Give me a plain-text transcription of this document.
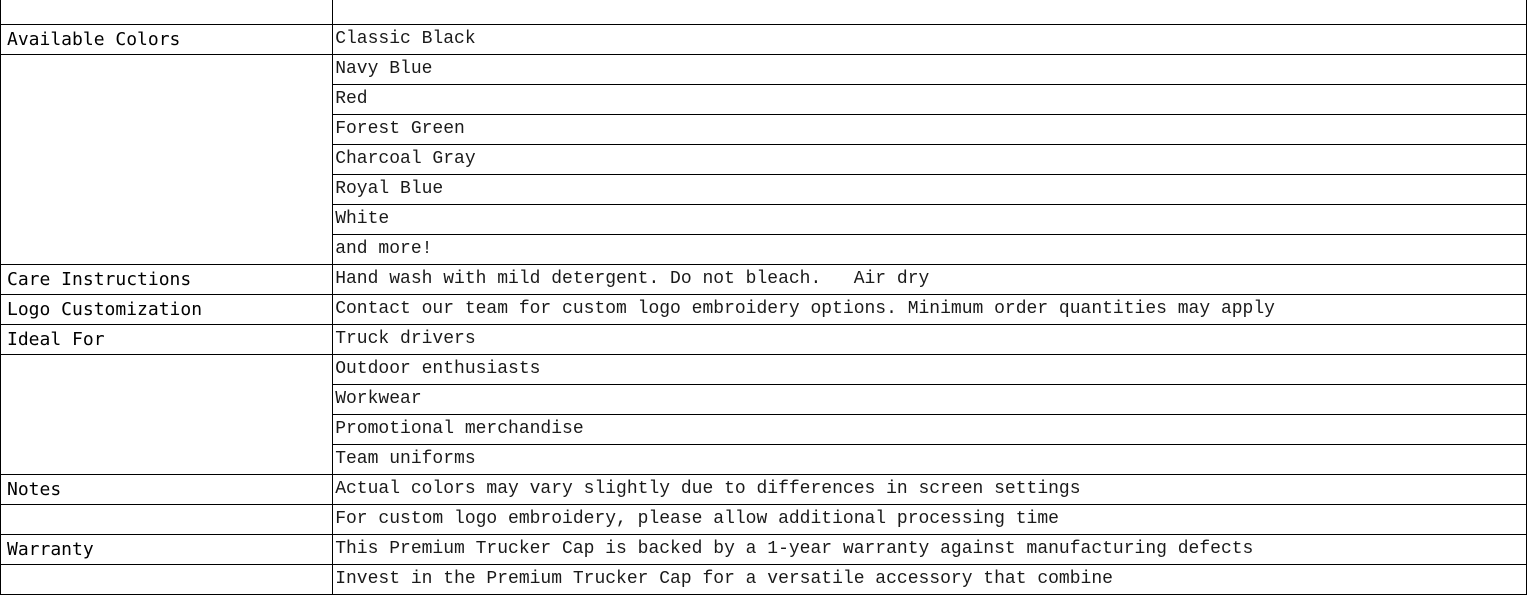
Available Colors	Classic Black
	Navy Blue
	Red
	Forest Green
	Charcoal Gray
	Royal Blue
	White
	and more!
Care Instructions	Hand wash with mild detergent. Do not bleach.   Air dry
Logo Customization	Contact our team for custom logo embroidery options. Minimum order quantities may apply
Ideal For	Truck drivers
	Outdoor enthusiasts
	Workwear
	Promotional merchandise
	Team uniforms
Notes	Actual colors may vary slightly due to differences in screen settings
	For custom logo embroidery, please allow additional processing time
Warranty	This Premium Trucker Cap is backed by a 1-year warranty against manufacturing defects
	Invest in the Premium Trucker Cap for a versatile accessory that combine
